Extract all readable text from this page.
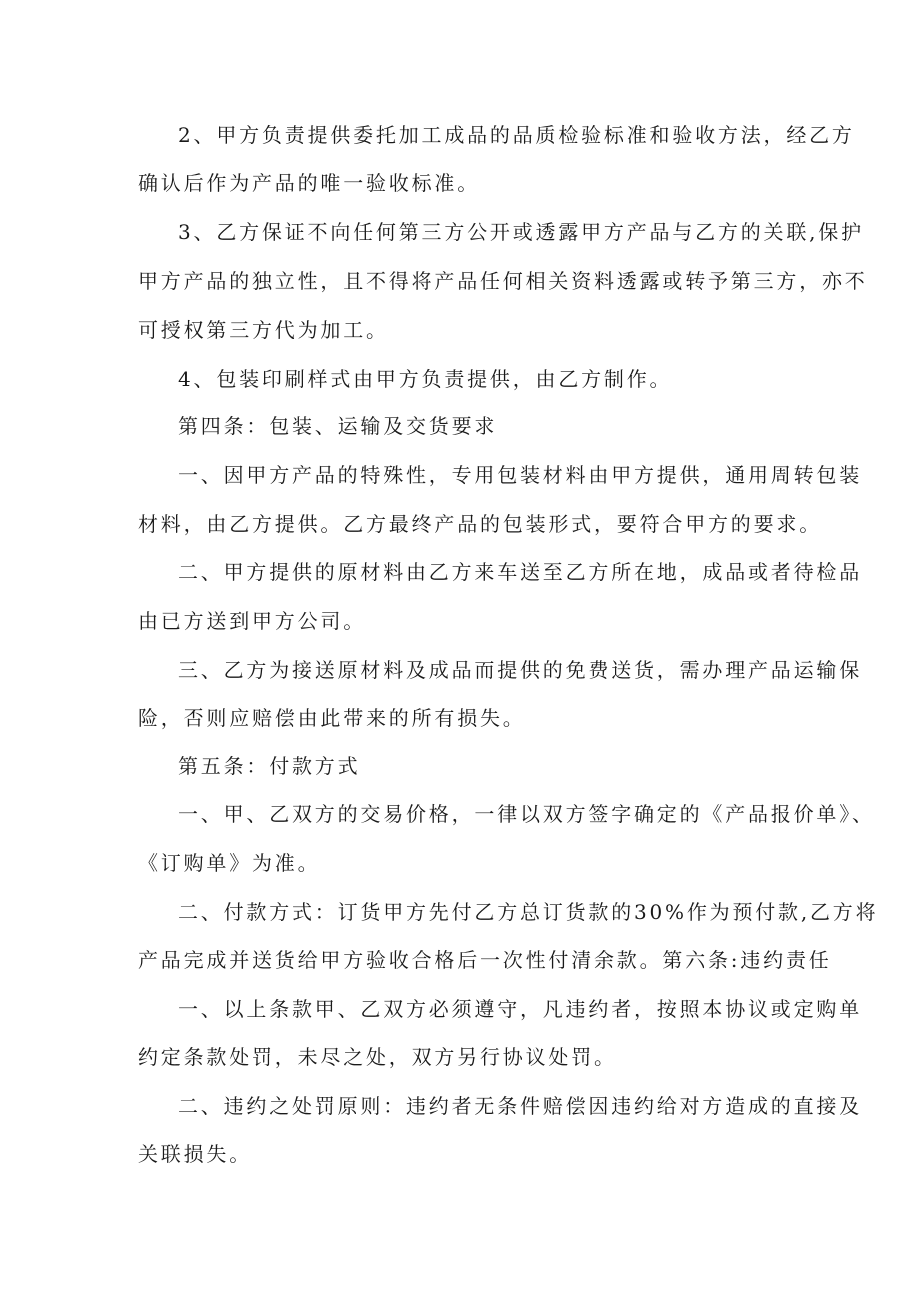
2、甲方负责提供委托加工成品的品质检验标准和验收方法，经乙方
确认后作为产品的唯一验收标准。
3、乙方保证不向任何第三方公开或透露甲方产品与乙方的关联,保护
甲方产品的独立性，且不得将产品任何相关资料透露或转予第三方，亦不
可授权第三方代为加工。
4、包装印刷样式由甲方负责提供，由乙方制作。
第四条：包装、运输及交货要求
一、因甲方产品的特殊性，专用包装材料由甲方提供，通用周转包装
材料，由乙方提供。乙方最终产品的包装形式，要符合甲方的要求。
二、甲方提供的原材料由乙方来车送至乙方所在地，成品或者待检品
由已方送到甲方公司。
三、乙方为接送原材料及成品而提供的免费送货，需办理产品运输保
险，否则应赔偿由此带来的所有损失。
第五条：付款方式
一、甲、乙双方的交易价格，一律以双方签字确定的《产品报价单》、
《订购单》为准。
二、付款方式：订货甲方先付乙方总订货款的30%作为预付款,乙方将
产品完成并送货给甲方验收合格后一次性付清余款。第六条:违约责任
一、以上条款甲、乙双方必须遵守，凡违约者，按照本协议或定购单
约定条款处罚，未尽之处，双方另行协议处罚。
二、违约之处罚原则：违约者无条件赔偿因违约给对方造成的直接及
关联损失。
